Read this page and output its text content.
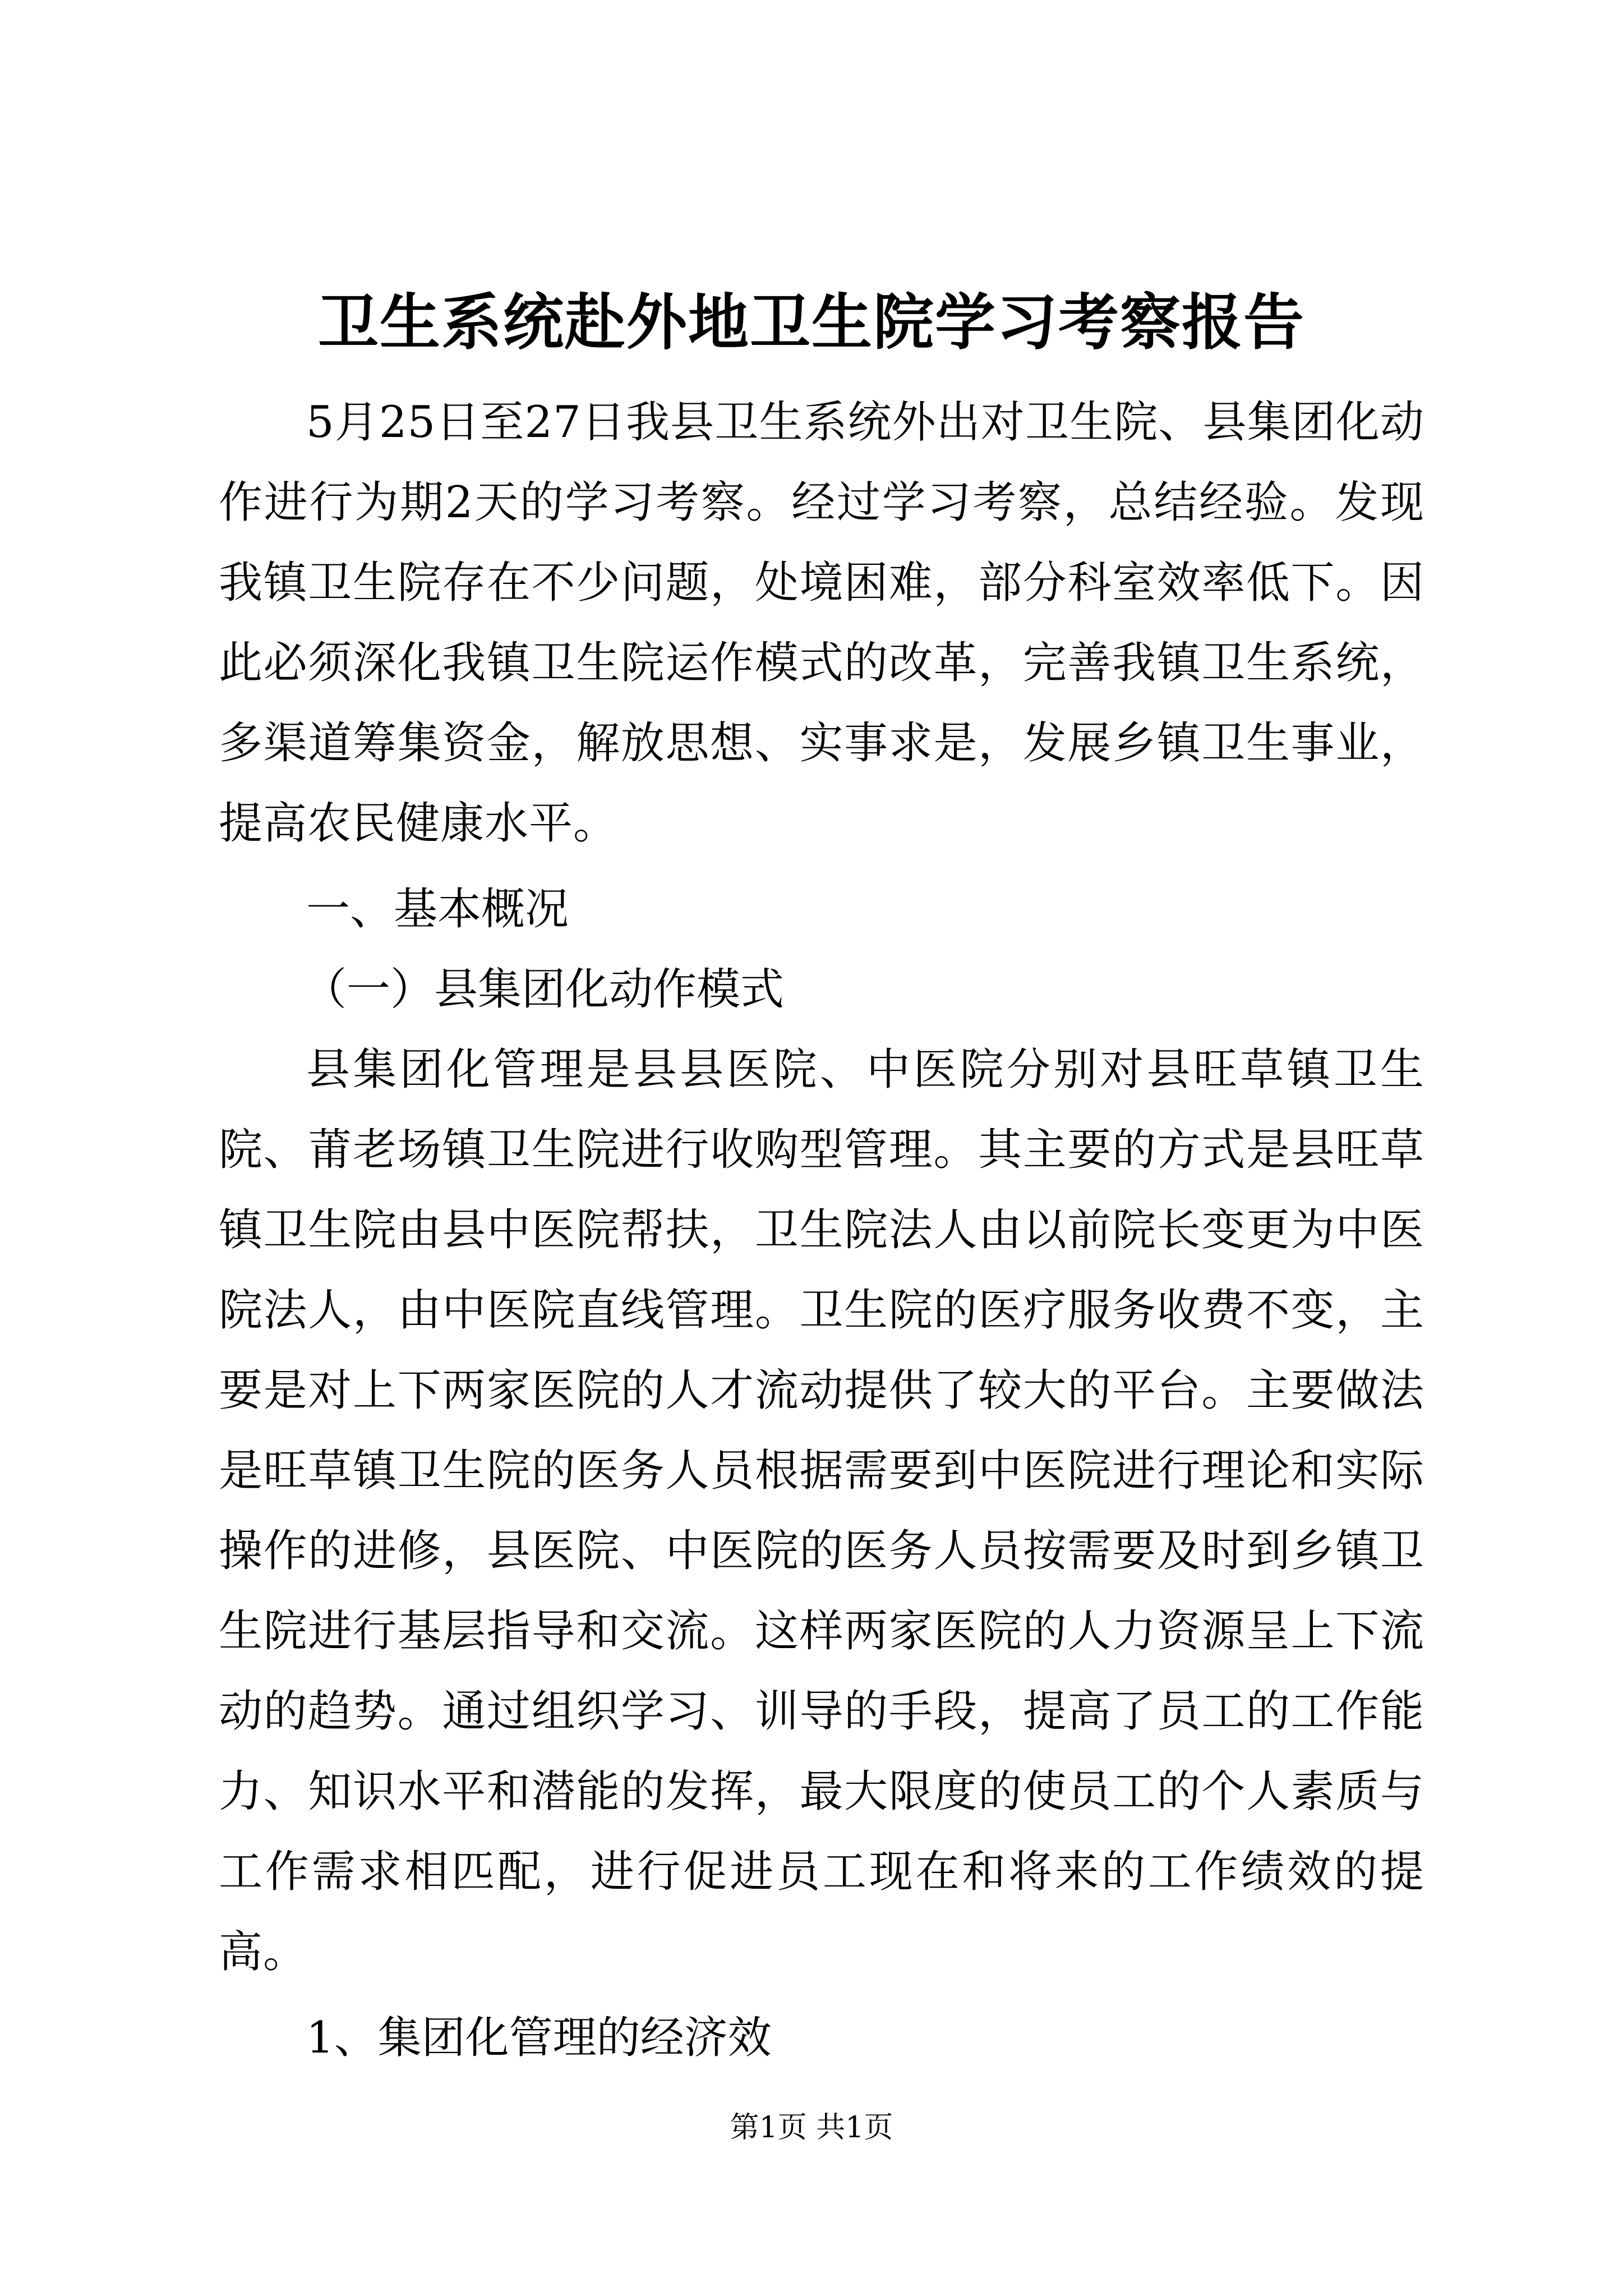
卫生系统赴外地卫生院学习考察报告

5月25日至27日我县卫生系统外出对卫生院、县集团化动作进行为期2天的学习考察。经过学习考察，总结经验。发现我镇卫生院存在不少问题，处境困难，部分科室效率低下。因此必须深化我镇卫生院运作模式的改革，完善我镇卫生系统，多渠道筹集资金，解放思想、实事求是，发展乡镇卫生事业，提高农民健康水平。

一、基本概况

（一）县集团化动作模式

县集团化管理是县县医院、中医院分别对县旺草镇卫生院、莆老场镇卫生院进行收购型管理。其主要的方式是县旺草镇卫生院由县中医院帮扶，卫生院法人由以前院长变更为中医院法人，由中医院直线管理。卫生院的医疗服务收费不变，主要是对上下两家医院的人才流动提供了较大的平台。主要做法是旺草镇卫生院的医务人员根据需要到中医院进行理论和实际操作的进修，县医院、中医院的医务人员按需要及时到乡镇卫生院进行基层指导和交流。这样两家医院的人力资源呈上下流动的趋势。通过组织学习、训导的手段，提高了员工的工作能力、知识水平和潜能的发挥，最大限度的使员工的个人素质与工作需求相匹配，进行促进员工现在和将来的工作绩效的提高。

1、集团化管理的经济效

第1页 共1页
